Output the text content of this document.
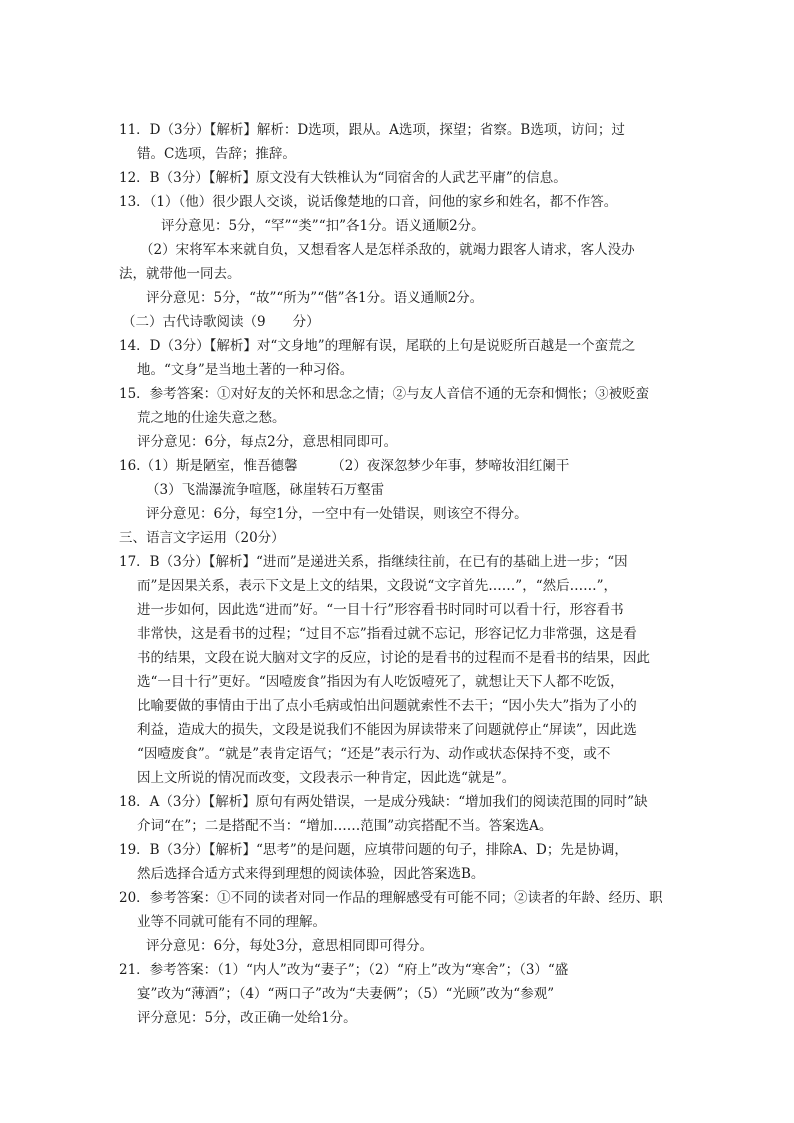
11．D（3分）【解析】解析：D选项，跟从。A选项，探望；省察。B选项，访问；过
错。C选项，告辞；推辞。
12．B（3分）【解析】原文没有大铁椎认为“同宿舍的人武艺平庸”的信息。
13．（1）（他）很少跟人交谈，说话像楚地的口音，问他的家乡和姓名，都不作答。
评分意见：5分，“罕”“类”“扣”各1分。语义通顺2分。
（2）宋将军本来就自负，又想看客人是怎样杀敌的，就竭力跟客人请求，客人没办
法，就带他一同去。
评分意见：5分，“故”“所为”“偕”各1分。语义通顺2分。
（二）古代诗歌阅读（9　　分）
14．D（3分）【解析】对“文身地”的理解有误，尾联的上句是说贬所百越是一个蛮荒之
地。“文身”是当地土著的一种习俗。
15．参考答案：①对好友的关怀和思念之情；②与友人音信不通的无奈和惆怅；③被贬蛮
荒之地的仕途失意之愁。
评分意见：6分，每点2分，意思相同即可。
16.（1）斯是陋室，惟吾德馨　　　（2）夜深忽梦少年事，梦啼妆泪红阑干
（3）飞湍瀑流争喧豗，砯崖转石万壑雷
评分意见：6分，每空1分，一空中有一处错误，则该空不得分。
三、语言文字运用（20分）
17．B（3分）【解析】“进而”是递进关系，指继续往前，在已有的基础上进一步；“因
而”是因果关系，表示下文是上文的结果，文段说“文字首先……”，“然后……”，
进一步如何，因此选“进而”好。“一目十行”形容看书时同时可以看十行，形容看书
非常快，这是看书的过程；“过目不忘”指看过就不忘记，形容记忆力非常强，这是看
书的结果，文段在说大脑对文字的反应，讨论的是看书的过程而不是看书的结果，因此
选“一目十行”更好。“因噎废食”指因为有人吃饭噎死了，就想让天下人都不吃饭，
比喻要做的事情由于出了点小毛病或怕出问题就索性不去干；“因小失大”指为了小的
利益，造成大的损失，文段是说我们不能因为屏读带来了问题就停止“屏读”，因此选
“因噎废食”。“就是”表肯定语气；“还是”表示行为、动作或状态保持不变，或不
因上文所说的情况而改变，文段表示一种肯定，因此选“就是”。
18．A（3分）【解析】原句有两处错误，一是成分残缺：“增加我们的阅读范围的同时”缺
介词“在”；二是搭配不当：“增加……范围”动宾搭配不当。答案选A。
19．B（3分）【解析】“思考”的是问题，应填带问题的句子，排除A、D；先是协调，
然后选择合适方式来得到理想的阅读体验，因此答案选B。
20．参考答案：①不同的读者对同一作品的理解感受有可能不同；②读者的年龄、经历、职
业等不同就可能有不同的理解。
评分意见：6分，每处3分，意思相同即可得分。
21．参考答案：（1）“内人”改为“妻子”；（2）“府上”改为“寒舍”；（3）“盛
宴”改为“薄酒”；（4）“两口子”改为“夫妻俩”；（5）“光顾”改为“参观”
评分意见：5分，改正确一处给1分。
